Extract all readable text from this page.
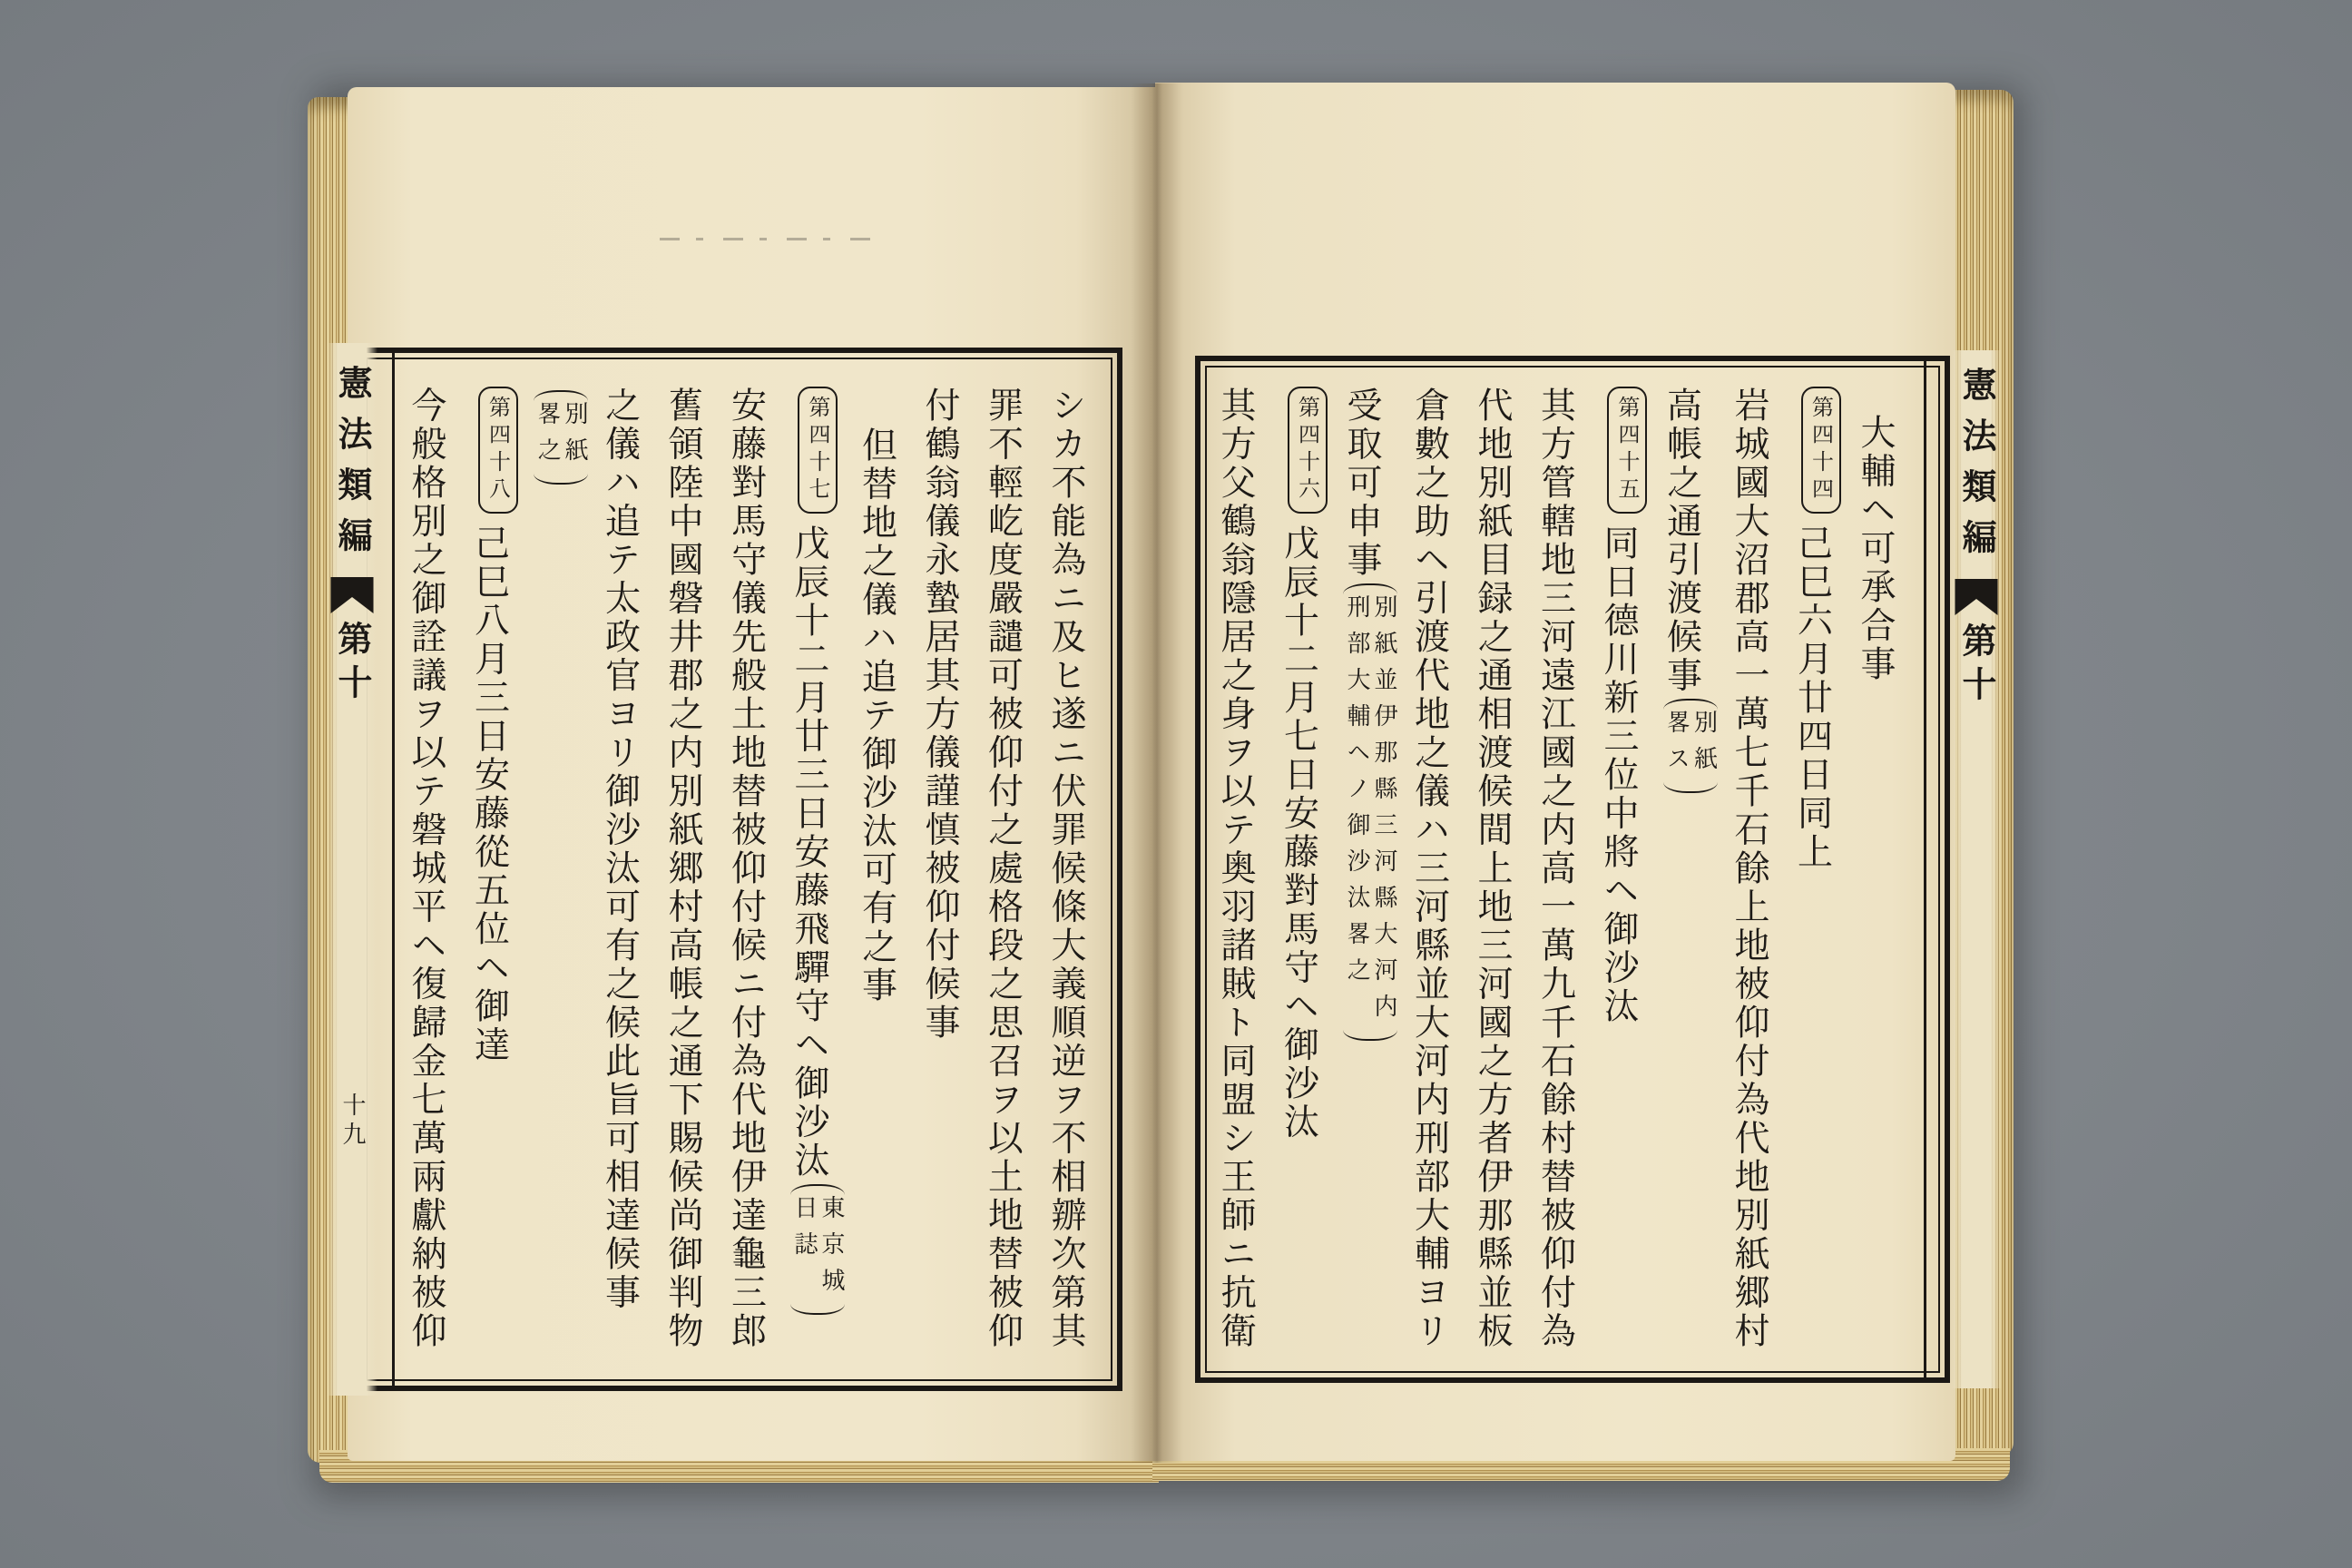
憲法類編
第十
十九	シカ不能為ニ及ヒ遂ニ伏罪候條大義順逆ヲ不相辧次第其
罪不輕屹度嚴譴可被仰付之處格段之思召ヲ以土地替被仰
付鶴翁儀永蟄居其方儀謹慎被仰付候事
但替地之儀ハ追テ御沙汰可有之事
第四十七戊辰十二月廿三日安藤飛驒守ヘ御沙汰
東京城
日誌
安藤對馬守儀先般土地替被仰付候ニ付為代地伊達龜三郎
舊領陸中國磐井郡之内別紙郷村高帳之通下賜候尚御判物
之儀ハ追テ太政官ヨリ御沙汰可有之候此旨可相達候事
別紙
畧之
第四十八己巳八月三日安藤從五位ヘ御達
今般格別之御詮議ヲ以テ磐城平ヘ復歸金七萬兩獻納被仰	憲法類編
第十
大輔ヘ可承合事
第四十四己巳六月廿四日同上
岩城國大沼郡高一萬七千石餘上地被仰付為代地別紙郷村
高帳之通引渡候事
別紙
畧ス
第四十五同日德川新三位中將ヘ御沙汰
其方管轄地三河遠江國之内高一萬九千石餘村替被仰付為
代地別紙目録之通相渡候間上地三河國之方者伊那縣並板
倉數之助ヘ引渡代地之儀ハ三河縣並大河内刑部大輔ヨリ
受取可申事
別紙並伊那縣三河縣大河内
刑部大輔ヘノ御沙汰畧之
第四十六戊辰十二月七日安藤對馬守ヘ御沙汰
其方父鶴翁隱居之身ヲ以テ奥羽諸賊ト同盟シ王師ニ抗衛
